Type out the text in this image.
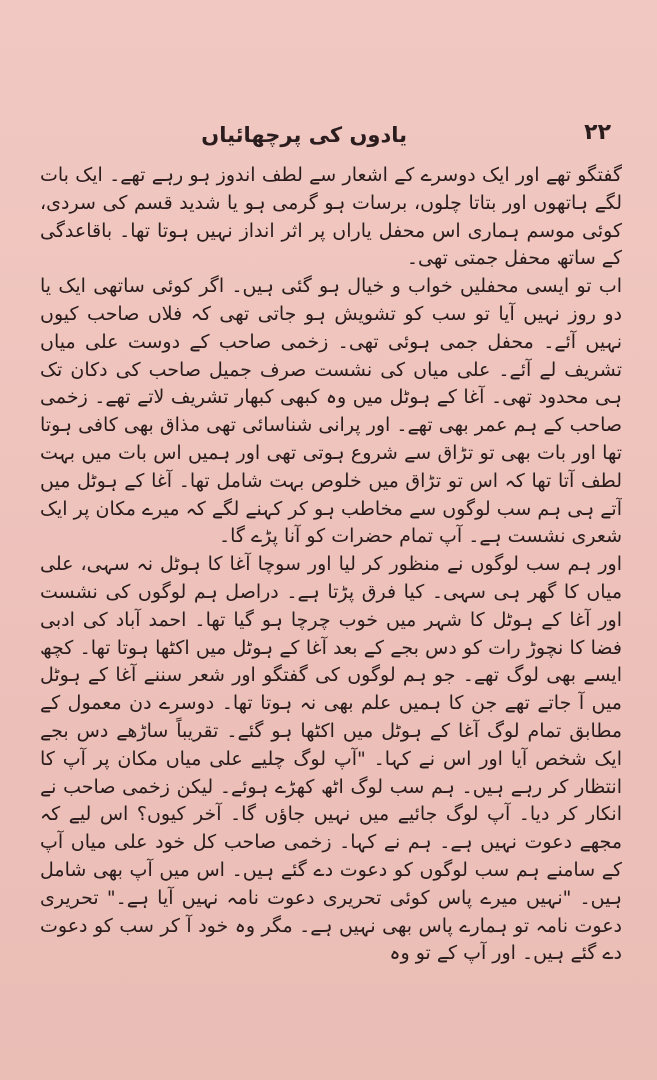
یادوں کی پرچھائیاں	۲۲

گفتگو تھے اور ایک دوسرے کے اشعار سے لطف اندوز ہو رہے تھے۔ ایک بات لگے ہاتھوں اور بتاتا چلوں، برسات ہو گرمی ہو یا شدید قسم کی سردی، کوئی موسم ہماری اس محفل یاراں پر اثر انداز نہیں ہوتا تھا۔ باقاعدگی کے ساتھ محفل جمتی تھی۔

اب تو ایسی محفلیں خواب و خیال ہو گئی ہیں۔ اگر کوئی ساتھی ایک یا دو روز نہیں آیا تو سب کو تشویش ہو جاتی تھی کہ فلاں صاحب کیوں نہیں آئے۔ محفل جمی ہوئی تھی۔ زخمی صاحب کے دوست علی میاں تشریف لے آئے۔ علی میاں کی نشست صرف جمیل صاحب کی دکان تک ہی محدود تھی۔ آغا کے ہوٹل میں وہ کبھی کبھار تشریف لاتے تھے۔ زخمی صاحب کے ہم عمر بھی تھے۔ اور پرانی شناسائی تھی مذاق بھی کافی ہوتا تھا اور بات بھی تو تڑاق سے شروع ہوتی تھی اور ہمیں اس بات میں بہت لطف آتا تھا کہ اس تو تڑاق میں خلوص بہت شامل تھا۔ آغا کے ہوٹل میں آتے ہی ہم سب لوگوں سے مخاطب ہو کر کہنے لگے کہ میرے مکان پر ایک شعری نشست ہے۔ آپ تمام حضرات کو آنا پڑے گا۔

اور ہم سب لوگوں نے منظور کر لیا اور سوچا آغا کا ہوٹل نہ سہی، علی میاں کا گھر ہی سہی۔ کیا فرق پڑتا ہے۔ دراصل ہم لوگوں کی نشست اور آغا کے ہوٹل کا شہر میں خوب چرچا ہو گیا تھا۔ احمد آباد کی ادبی فضا کا نچوڑ رات کو دس بجے کے بعد آغا کے ہوٹل میں اکٹھا ہوتا تھا۔ کچھ ایسے بھی لوگ تھے۔ جو ہم لوگوں کی گفتگو اور شعر سننے آغا کے ہوٹل میں آ جاتے تھے جن کا ہمیں علم بھی نہ ہوتا تھا۔ دوسرے دن معمول کے مطابق تمام لوگ آغا کے ہوٹل میں اکٹھا ہو گئے۔ تقریباً ساڑھے دس بجے ایک شخص آیا اور اس نے کہا۔ "آپ لوگ چلیے علی میاں مکان پر آپ کا انتظار کر رہے ہیں۔ ہم سب لوگ اٹھ کھڑے ہوئے۔ لیکن زخمی صاحب نے انکار کر دیا۔ آپ لوگ جائیے میں نہیں جاؤں گا۔ آخر کیوں؟ اس لیے کہ مجھے دعوت نہیں ہے۔ ہم نے کہا۔ زخمی صاحب کل خود علی میاں آپ کے سامنے ہم سب لوگوں کو دعوت دے گئے ہیں۔ اس میں آپ بھی شامل ہیں۔ "نہیں میرے پاس کوئی تحریری دعوت نامہ نہیں آیا ہے۔" تحریری دعوت نامہ تو ہمارے پاس بھی نہیں ہے۔ مگر وہ خود آ کر سب کو دعوت دے گئے ہیں۔ اور آپ کے تو وہ
